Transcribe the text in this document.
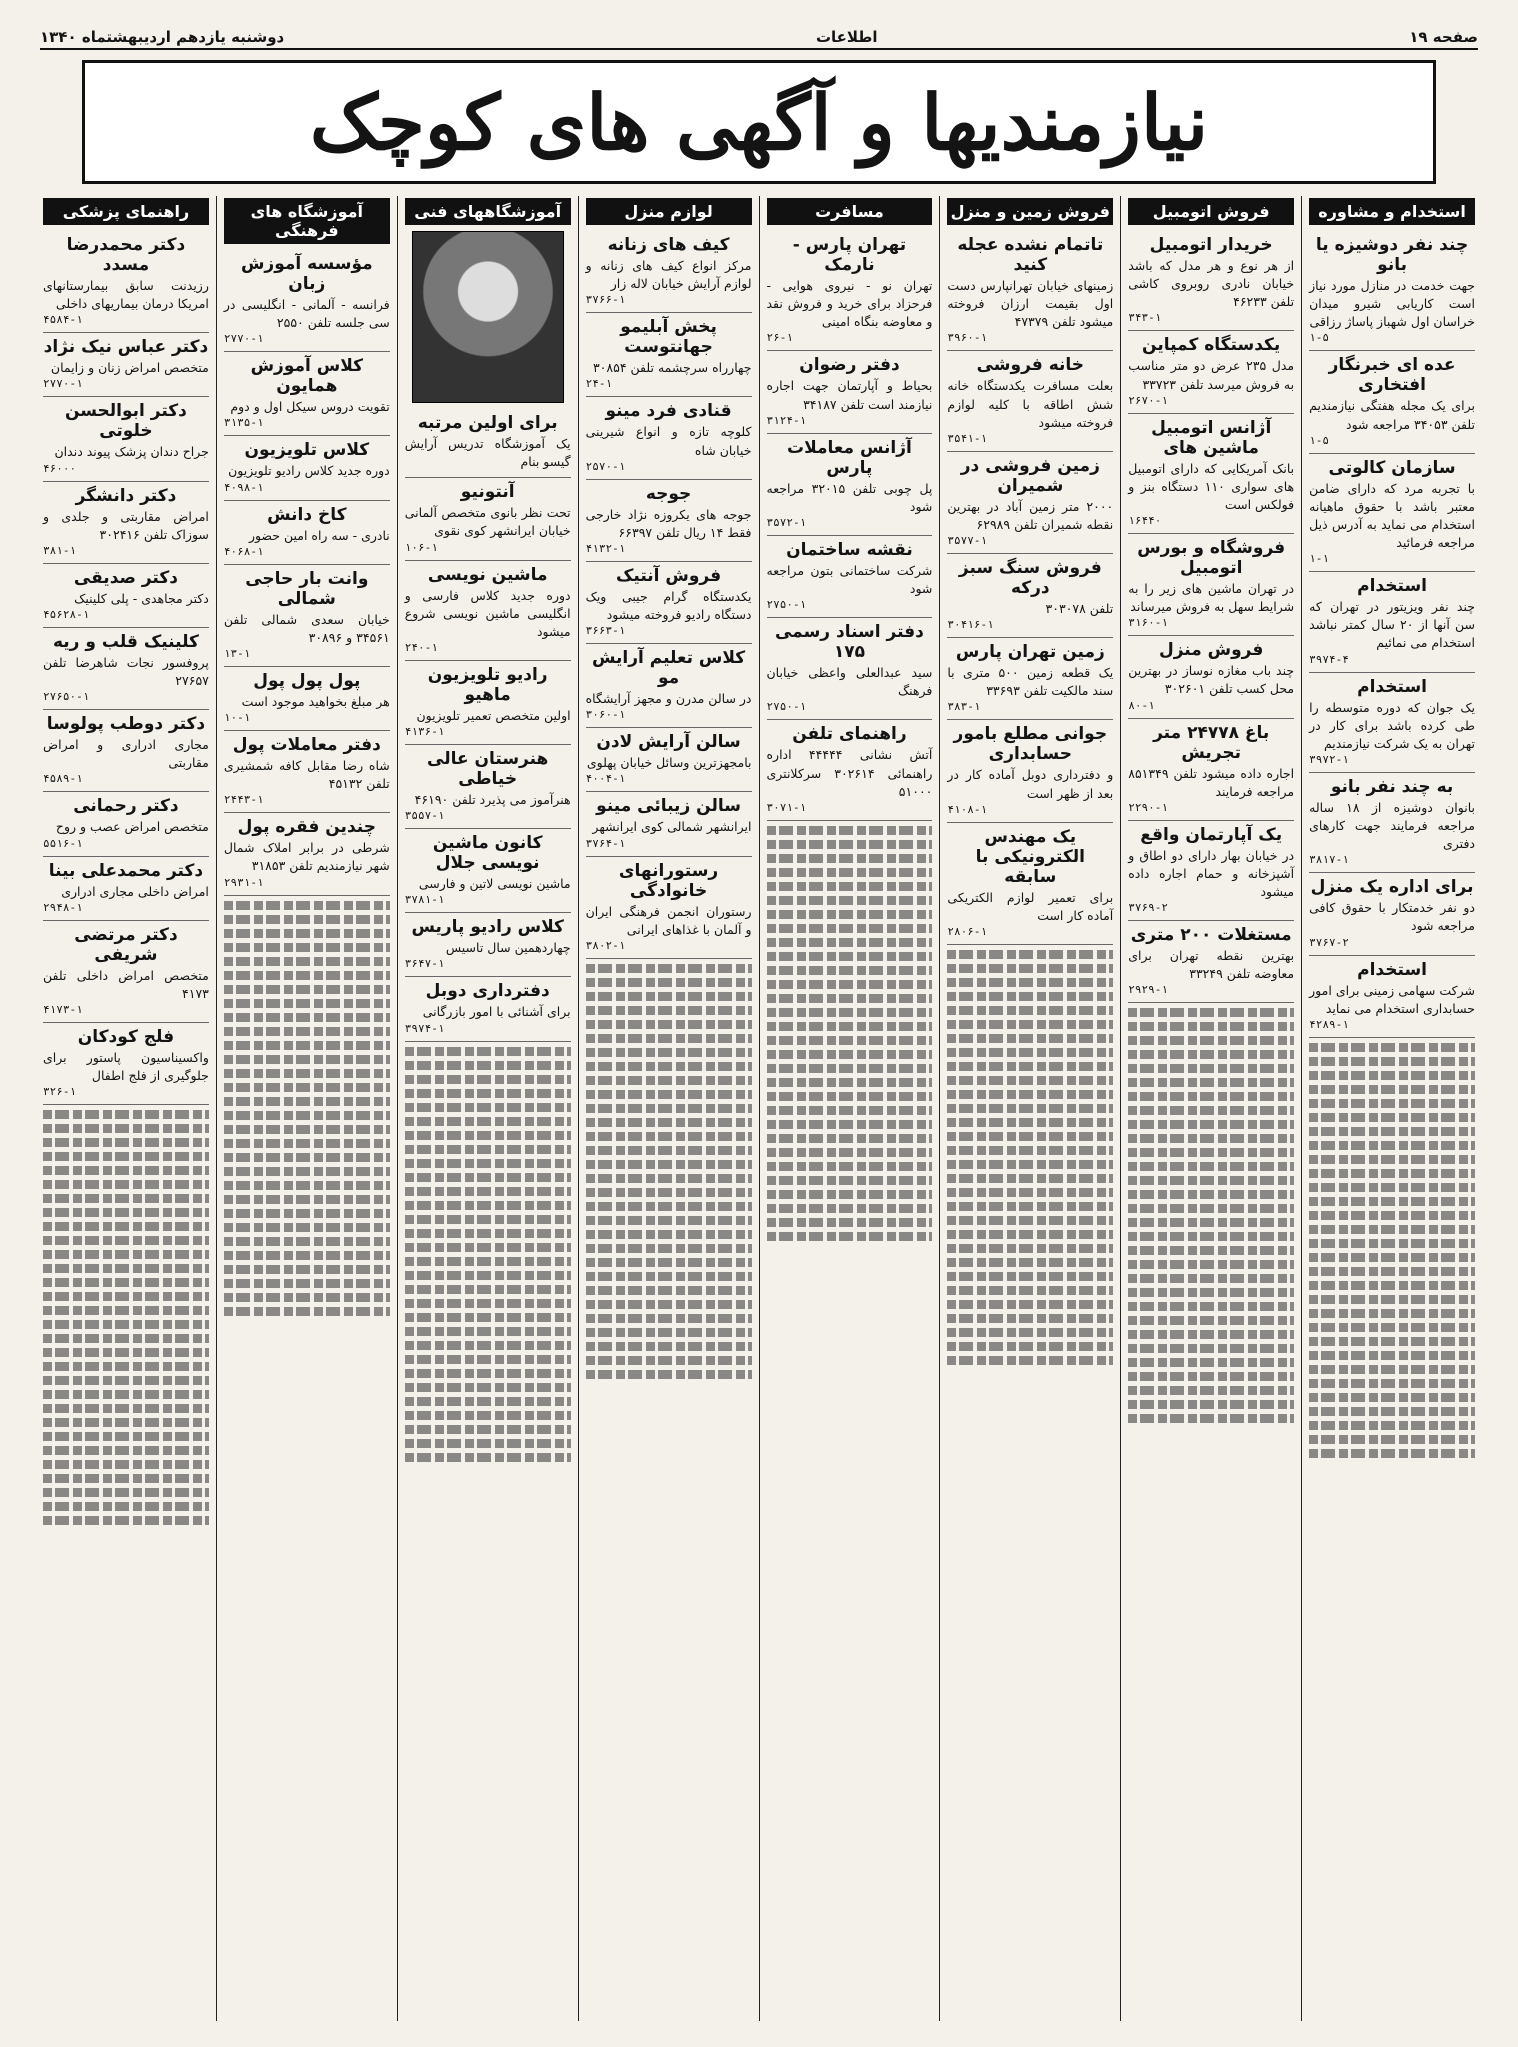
صفحه ۱۹
اطلاعات
دوشنبه یازدهم اردیبهشتماه ۱۳۴۰
نیازمندیها و آگهی های کوچک
استخدام و مشاوره
چند نفر دوشیزه یا بانو

جهت خدمت در منازل مورد نیاز است کاریابی شیرو میدان خراسان اول شهباز پاساژ رزاقی

۱-۵
عده ای خبرنگار افتخاری

برای یک مجله هفتگی نیازمندیم تلفن ۳۴۰۵۳ مراجعه شود

۱-۵
سازمان کالوتی

با تجربه مرد که دارای ضامن معتبر باشد با حقوق ماهیانه استخدام می نماید به آدرس ذیل مراجعه فرمائید

۱-۱
استخدام

چند نفر ویزیتور در تهران که سن آنها از ۲۰ سال کمتر نباشد استخدام می نمائیم

۳۹۷۴-۴
استخدام

یک جوان که دوره متوسطه را طی کرده باشد برای کار در تهران به یک شرکت نیازمندیم

۳۹۷۲-۱
به چند نفر بانو

بانوان دوشیزه از ۱۸ ساله مراجعه فرمایند جهت کارهای دفتری

۳۸۱۷-۱
برای اداره یک منزل

دو نفر خدمتکار با حقوق کافی مراجعه شود

۳۷۶۷-۲
استخدام

شرکت سهامی زمینی برای امور حسابداری استخدام می نماید

۴۲۸۹-۱
فروش اتومبیل
خریدار اتومبیل

از هر نوع و هر مدل که باشد خیابان نادری روبروی کاشی تلفن ۴۶۲۳۳

۳۴۳-۱
یکدستگاه کمپاین

مدل ۲۳۵ عرض دو متر مناسب به فروش میرسد تلفن ۳۳۷۲۳

۲۶۷۰-۱
آژانس اتومبیل ماشین های

بانک آمریکایی که دارای اتومبیل های سواری ۱۱۰ دستگاه بنز و فولکس است

۱۶۴۴۰
فروشگاه و بورس اتومبیل

در تهران ماشین های زیر را به شرایط سهل به فروش میرساند

۳۱۶۰-۱
فروش منزل

چند باب مغازه نوساز در بهترین محل کسب تلفن ۳۰۲۶۰۱

۸۰-۱
باغ ۲۴۷۷۸ متر تجریش

اجاره داده میشود تلفن ۸۵۱۳۴۹ مراجعه فرمایند

۲۲۹۰-۱
یک آپارتمان واقع

در خیابان بهار دارای دو اطاق و آشپزخانه و حمام اجاره داده میشود

۳۷۶۹-۲
مستغلات ۲۰۰ متری

بهترین نقطه تهران برای معاوضه تلفن ۳۳۲۴۹

۲۹۲۹-۱
فروش زمین و منزل
تاتمام نشده عجله کنید

زمینهای خیابان تهرانپارس دست اول بقیمت ارزان فروخته میشود تلفن ۴۷۳۷۹

۳۹۶۰-۱
خانه فروشی

بعلت مسافرت یکدستگاه خانه شش اطاقه با کلیه لوازم فروخته میشود

۳۵۴۱-۱
زمین فروشی در شمیران

۲۰۰۰ متر زمین آباد در بهترین نقطه شمیران تلفن ۶۲۹۸۹

۳۵۷۷-۱
فروش سنگ سبز درکه

تلفن ۳۰۳۰۷۸

۳۰۴۱۶-۱
زمین تهران پارس

یک قطعه زمین ۵۰۰ متری با سند مالکیت تلفن ۳۳۶۹۳

۳۸۳-۱
جوانی مطلع بامور حسابداری

و دفترداری دوبل آماده کار در بعد از ظهر است

۴۱۰۸-۱
یک مهندس الکترونیکی با سابقه

برای تعمیر لوازم الکتریکی آماده کار است

۲۸۰۶-۱
مسافرت
تهران پارس - نارمک

تهران نو - نیروی هوایی - فرحزاد برای خرید و فروش نقد و معاوضه بنگاه امینی

۲۶-۱
دفتر رضوان

بحیاط و آپارتمان جهت اجاره نیازمند است تلفن ۳۴۱۸۷

۳۱۲۴-۱
آژانس معاملات پارس

پل چوبی تلفن ۳۲۰۱۵ مراجعه شود

۳۵۷۲-۱
نقشه ساختمان

شرکت ساختمانی بتون مراجعه شود

۲۷۵۰-۱
دفتر اسناد رسمی ۱۷۵

سید عبدالعلی واعظی خیابان فرهنگ

۲۷۵۰-۱
راهنمای تلفن

آتش نشانی ۴۴۴۴۴ اداره راهنمائی ۳۰۲۶۱۴ سرکلانتری ۵۱۰۰۰

۳۰۷۱-۱
لوازم منزل
کیف های زنانه

مرکز انواع کیف های زنانه و لوازم آرایش خیابان لاله زار

۳۷۶۶-۱
پخش آبلیمو جهانتوست

چهارراه سرچشمه تلفن ۳۰۸۵۴

۲۴-۱
قنادی فرد مینو

کلوچه تازه و انواع شیرینی خیابان شاه

۲۵۷۰-۱
جوجه

جوجه های یکروزه نژاد خارجی فقط ۱۴ ریال تلفن ۶۶۳۹۷

۴۱۳۲-۱
فروش آنتیک

یکدستگاه گرام جیبی ویک دستگاه رادیو فروخته میشود

۳۶۶۳-۱
کلاس تعلیم آرایش مو

در سالن مدرن و مجهز آرایشگاه

۳۰۶۰-۱
سالن آرایش لادن

بامجهزترین وسائل خیابان پهلوی

۴۰۰۴-۱
سالن زیبائی مینو

ایرانشهر شمالی کوی ایرانشهر

۳۷۶۴-۱
رستورانهای خانوادگی

رستوران انجمن فرهنگی ایران و آلمان با غذاهای ایرانی

۳۸۰۲-۱
آموزشگاههای فنی
برای اولین مرتبه

یک آموزشگاه تدریس آرایش گیسو بنام

آنتونیو

تحت نظر بانوی متخصص آلمانی خیابان ایرانشهر کوی نقوی

۱۰۶-۱
ماشین نویسی

دوره جدید کلاس فارسی و انگلیسی ماشین نویسی شروع میشود

۲۴۰-۱
رادیو تلویزیون ماهیو

اولین متخصص تعمیر تلویزیون

۴۱۳۶-۱
هنرستان عالی خیاطی

هنرآموز می پذیرد تلفن ۴۶۱۹۰

۳۵۵۷-۱
کانون ماشین نویسی جلال

ماشین نویسی لاتین و فارسی

۳۷۸۱-۱
کلاس رادیو پاریس

چهاردهمین سال تاسیس

۳۶۴۷-۱
دفترداری دوبل

برای آشنائی با امور بازرگانی

۳۹۷۴-۱
آموزشگاه های فرهنگی
مؤسسه آموزش زبان

فرانسه - آلمانی - انگلیسی در سی جلسه تلفن ۲۵۵۰

۲۷۷۰-۱
کلاس آموزش همایون

تقویت دروس سیکل اول و دوم

۳۱۳۵-۱
کلاس تلویزیون

دوره جدید کلاس رادیو تلویزیون

۴۰۹۸-۱
کاخ دانش

نادری - سه راه امین حضور

۴۰۶۸-۱
وانت بار حاجی شمالی

خیابان سعدی شمالی تلفن ۳۴۵۶۱ و ۳۰۸۹۶

۱۳-۱
پول پول پول

هر مبلغ بخواهید موجود است

۱۰-۱
دفتر معاملات پول

شاه رضا مقابل کافه شمشیری تلفن ۴۵۱۳۲

۲۴۴۳-۱
چندین فقره پول

شرطی در برابر املاک شمال شهر نیازمندیم تلفن ۳۱۸۵۳

۲۹۳۱-۱
راهنمای پزشکی
دکتر محمدرضا مسدد

رزیدنت سابق بیمارستانهای امریکا درمان بیماریهای داخلی

۴۵۸۴-۱
دکتر عباس نیک نژاد

متخصص امراض زنان و زایمان

۲۷۷۰-۱
دکتر ابوالحسن خلوتی

جراح دندان پزشک پیوند دندان

۴۶۰۰۰
دکتر دانشگر

امراض مقاربتی و جلدی و سوزاک تلفن ۳۰۲۴۱۶

۳۸۱-۱
دکتر صدیقی

دکتر مجاهدی - پلی کلینیک

۴۵۶۲۸-۱
کلینیک قلب و ریه

پروفسور نجات شاهرضا تلفن ۲۷۶۵۷

۲۷۶۵۰-۱
دکتر دوطب پولوسا

مجاری ادراری و امراض مقاربتی

۴۵۸۹-۱
دکتر رحمانی

متخصص امراض عصب و روح

۵۵۱۶-۱
دکتر محمدعلی بینا

امراض داخلی مجاری ادراری

۲۹۴۸-۱
دکتر مرتضی شریفی

متخصص امراض داخلی تلفن ۴۱۷۳

۴۱۷۳-۱
فلج کودکان

واکسیناسیون پاستور برای جلوگیری از فلج اطفال

۳۲۶-۱
